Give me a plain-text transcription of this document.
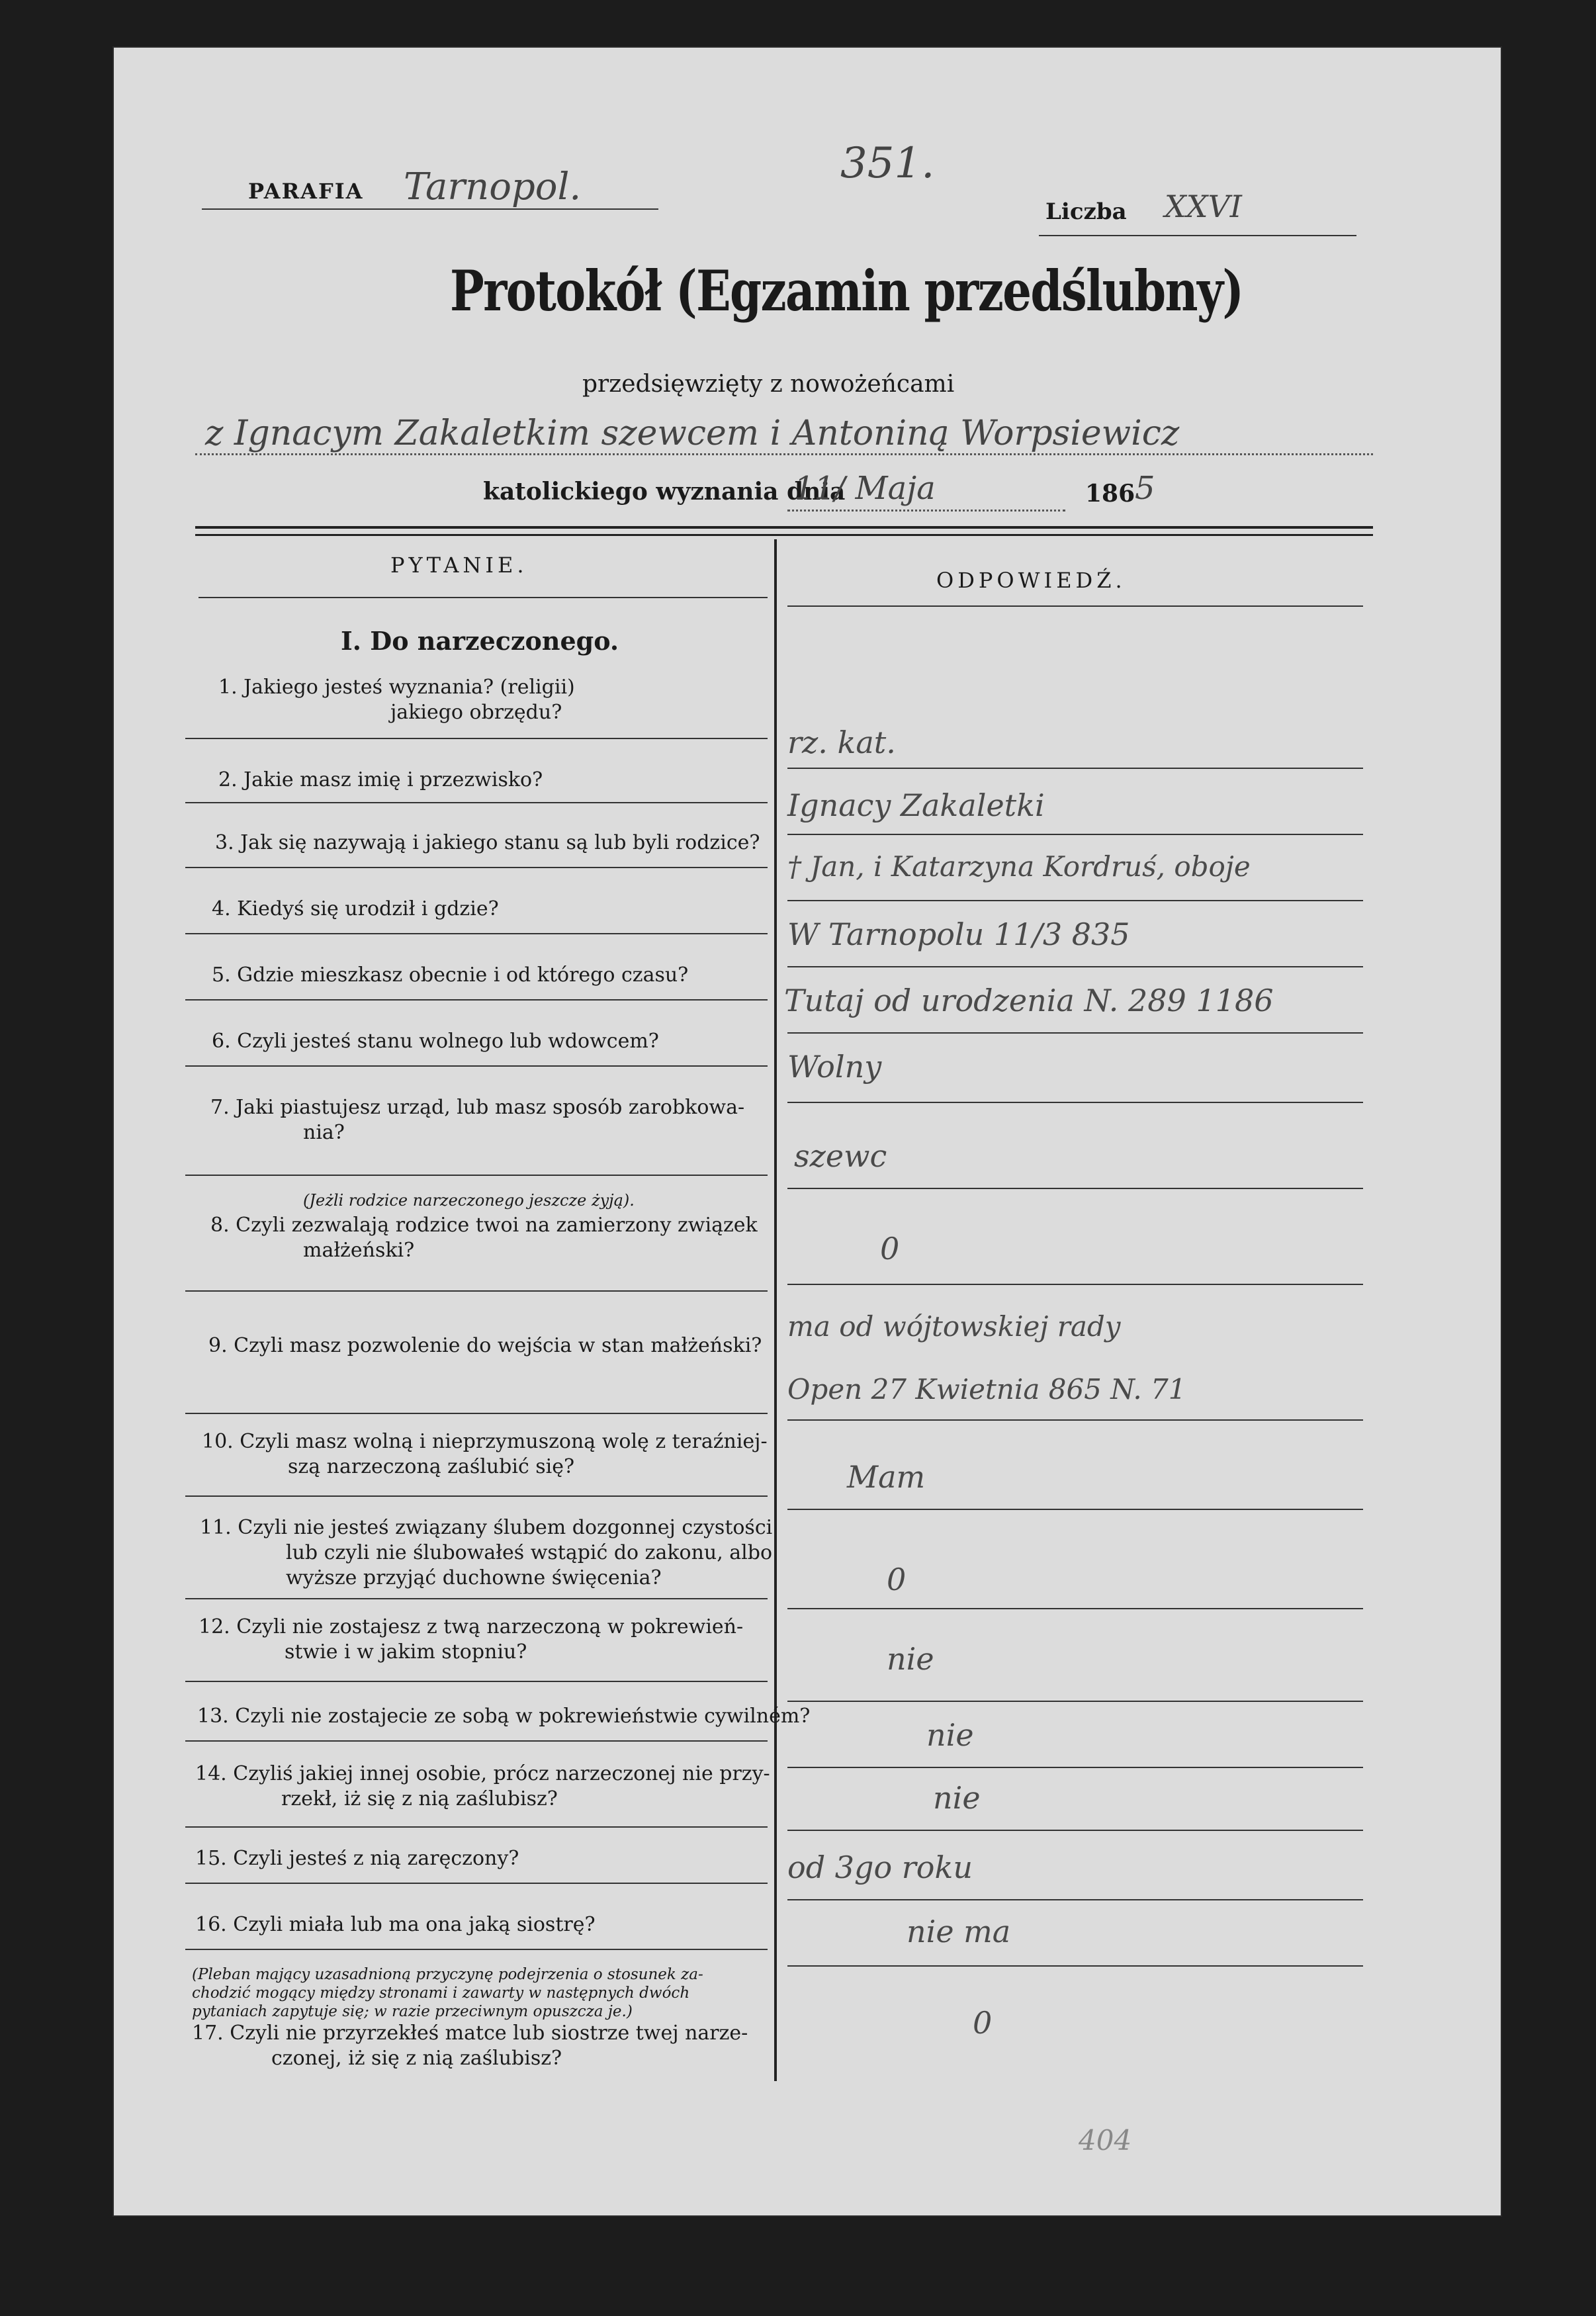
351.
PARAFIA Tarnopol.
Liczba XXVI
Protokół (Egzamin przedślubny)
przedsięwzięty z nowożeńcami
z Ignacym Zakaletkim szewcem i Antoniną Worpsiewicz
katolickiego wyznania dnia
11/ Maja	186 5
PYTANIE.
ODPOWIEDŹ.
I. Do narzeczonego.
1. Jakiego jesteś wyznania? (religii)
jakiego obrzędu?
2. Jakie masz imię i przezwisko?
3. Jak się nazywają i jakiego stanu są lub byli rodzice?
4. Kiedyś się urodził i gdzie?
5. Gdzie mieszkasz obecnie i od którego czasu?
6. Czyli jesteś stanu wolnego lub wdowcem?
7. Jaki piastujesz urząd, lub masz sposób zarobkowa-
nia?
(Jeżli rodzice narzeczonego jeszcze żyją).
8. Czyli zezwalają rodzice twoi na zamierzony związek
małżeński?
9. Czyli masz pozwolenie do wejścia w stan małżeński?
10. Czyli masz wolną i nieprzymuszoną wolę z teraźniej-
szą narzeczoną zaślubić się?
11. Czyli nie jesteś związany ślubem dozgonnej czystości
lub czyli nie ślubowałeś wstąpić do zakonu, albo
wyższe przyjąć duchowne święcenia?
12. Czyli nie zostajesz z twą narzeczoną w pokrewień-
stwie i w jakim stopniu?
13. Czyli nie zostajecie ze sobą w pokrewieństwie cywilném?
14. Czyliś jakiej innej osobie, prócz narzeczonej nie przy-
rzekł, iż się z nią zaślubisz?
15. Czyli jesteś z nią zaręczony?
16. Czyli miała lub ma ona jaką siostrę?
(Pleban mający uzasadnioną przyczynę podejrzenia o stosunek za-
chodzić mogący między stronami i zawarty w następnych dwóch
pytaniach zapytuje się; w razie przeciwnym opuszcza je.)
17. Czyli nie przyrzekłeś matce lub siostrze twej narze-
czonej, iż się z nią zaślubisz?
rz. kat.
Ignacy Zakaletki
† Jan, i Katarzyna Kordruś, oboje
W Tarnopolu 11/3 835
Tutaj od urodzenia N. 289 1186
Wolny
szewc
0
ma od wójtowskiej rady
Open 27 Kwietnia 865 N. 71
Mam
0
nie
nie
nie
od 3go roku
nie ma
0
404
